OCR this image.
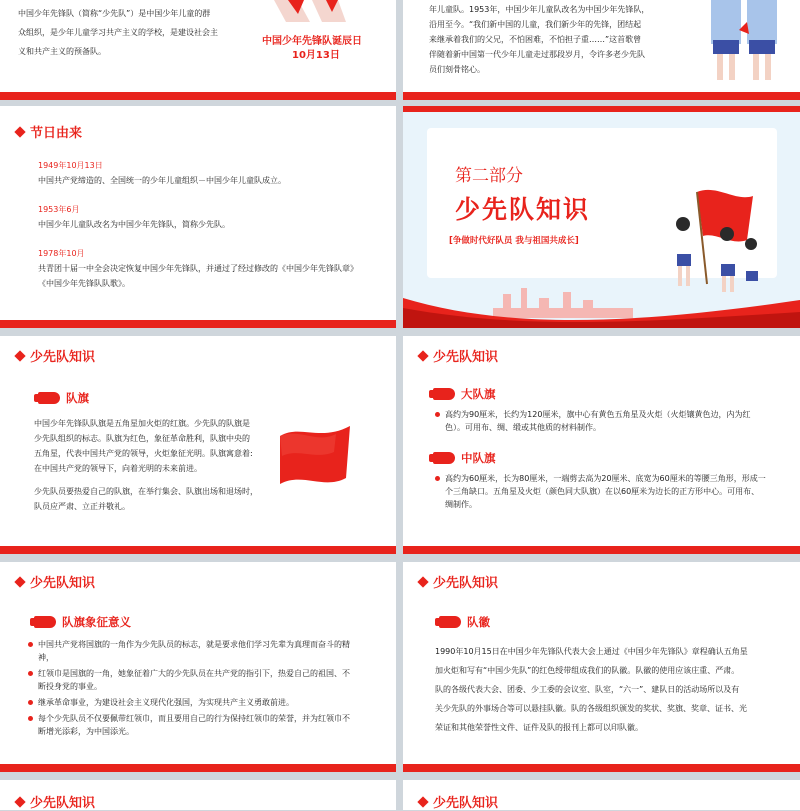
中国少年先锋队（简称“少先队”）是中国少年儿童的群
众组织，是少年儿童学习共产主义的学校，是建设社会主
义和共产主义的预备队。
中国少年先锋队诞辰日
10月13日
年儿童队。1953年，中国少年儿童队改名为中国少年先锋队，
沿用至今。“我们新中国的儿童，我们新少年的先锋，团结起
来继承着我们的父兄，不怕困难，不怕担子重……”这首歌曾
伴随着新中国第一代少年儿童走过那段岁月，令许多老少先队
员们刻骨铭心。
节日由来
1949年10月13日
中国共产党缔造的、全国统一的少年儿童组织－中国少年儿童队成立。
1953年6月
中国少年儿童队改名为中国少年先锋队，简称少先队。
1978年10月
共青团十届一中全会决定恢复中国少年先锋队，并通过了经过修改的《中国少年先锋队章》
《中国少年先锋队队歌》。
第二部分
少先队知识
[争做时代好队员 我与祖国共成长]
少先队知识
队旗
中国少年先锋队队旗是五角星加火炬的红旗。少先队的队旗是
少先队组织的标志。队旗为红色，象征革命胜利，队旗中央的
五角星，代表中国共产党的领导，火炬象征光明。队旗寓意着:
在中国共产党的领导下，向着光明的未来前进。
少先队员要热爱自己的队旗，在举行集会、队旗出场和退场时，
队员应严肃、立正并敬礼。
少先队知识
大队旗
高约为90厘米，长约为120厘米，旗中心有黄色五角星及火炬（火炬镶黄色边，内为红
色）。可用布、绸、缎或其他质的材料制作。
中队旗
高约为60厘米，长为80厘米，一端剪去高为20厘米、底宽为60厘米的等腰三角形，形成一
个三角缺口。五角星及火炬（颜色同大队旗）在以60厘米为边长的正方形中心。可用布、
绸制作。
少先队知识
队旗象征意义
中国共产党将国旗的一角作为少先队员的标志，就是要求他们学习先辈为真理而奋斗的精
神，
红领巾是国旗的一角，她象征着广大的少先队员在共产党的指引下，热爱自己的祖国、不
断投身党的事业。
继承革命事业，为建设社会主义现代化强国，为实现共产主义勇敢前进。
每个少先队员不仅要佩带红领巾，而且要用自己的行为保持红领巾的荣誉，并为红领巾不
断增光添彩，为中国添光。
少先队知识
队徽
1990年10月15日在中国少年先锋队代表大会上通过《中国少年先锋队》章程确认五角星
加火炬和写有“中国少先队”的红色绶带组成我们的队徽。队徽的使用应该庄重、严肃。
队的各级代表大会、团委、少工委的会议室、队室，“六一”、建队日的活动场所以及有
关少先队的外事场合等可以悬挂队徽。队的各级组织颁发的奖状、奖旗、奖章、证书、光
荣证和其他荣誉性文件、证件及队的报刊上都可以印队徽。
少先队知识	少先队知识
